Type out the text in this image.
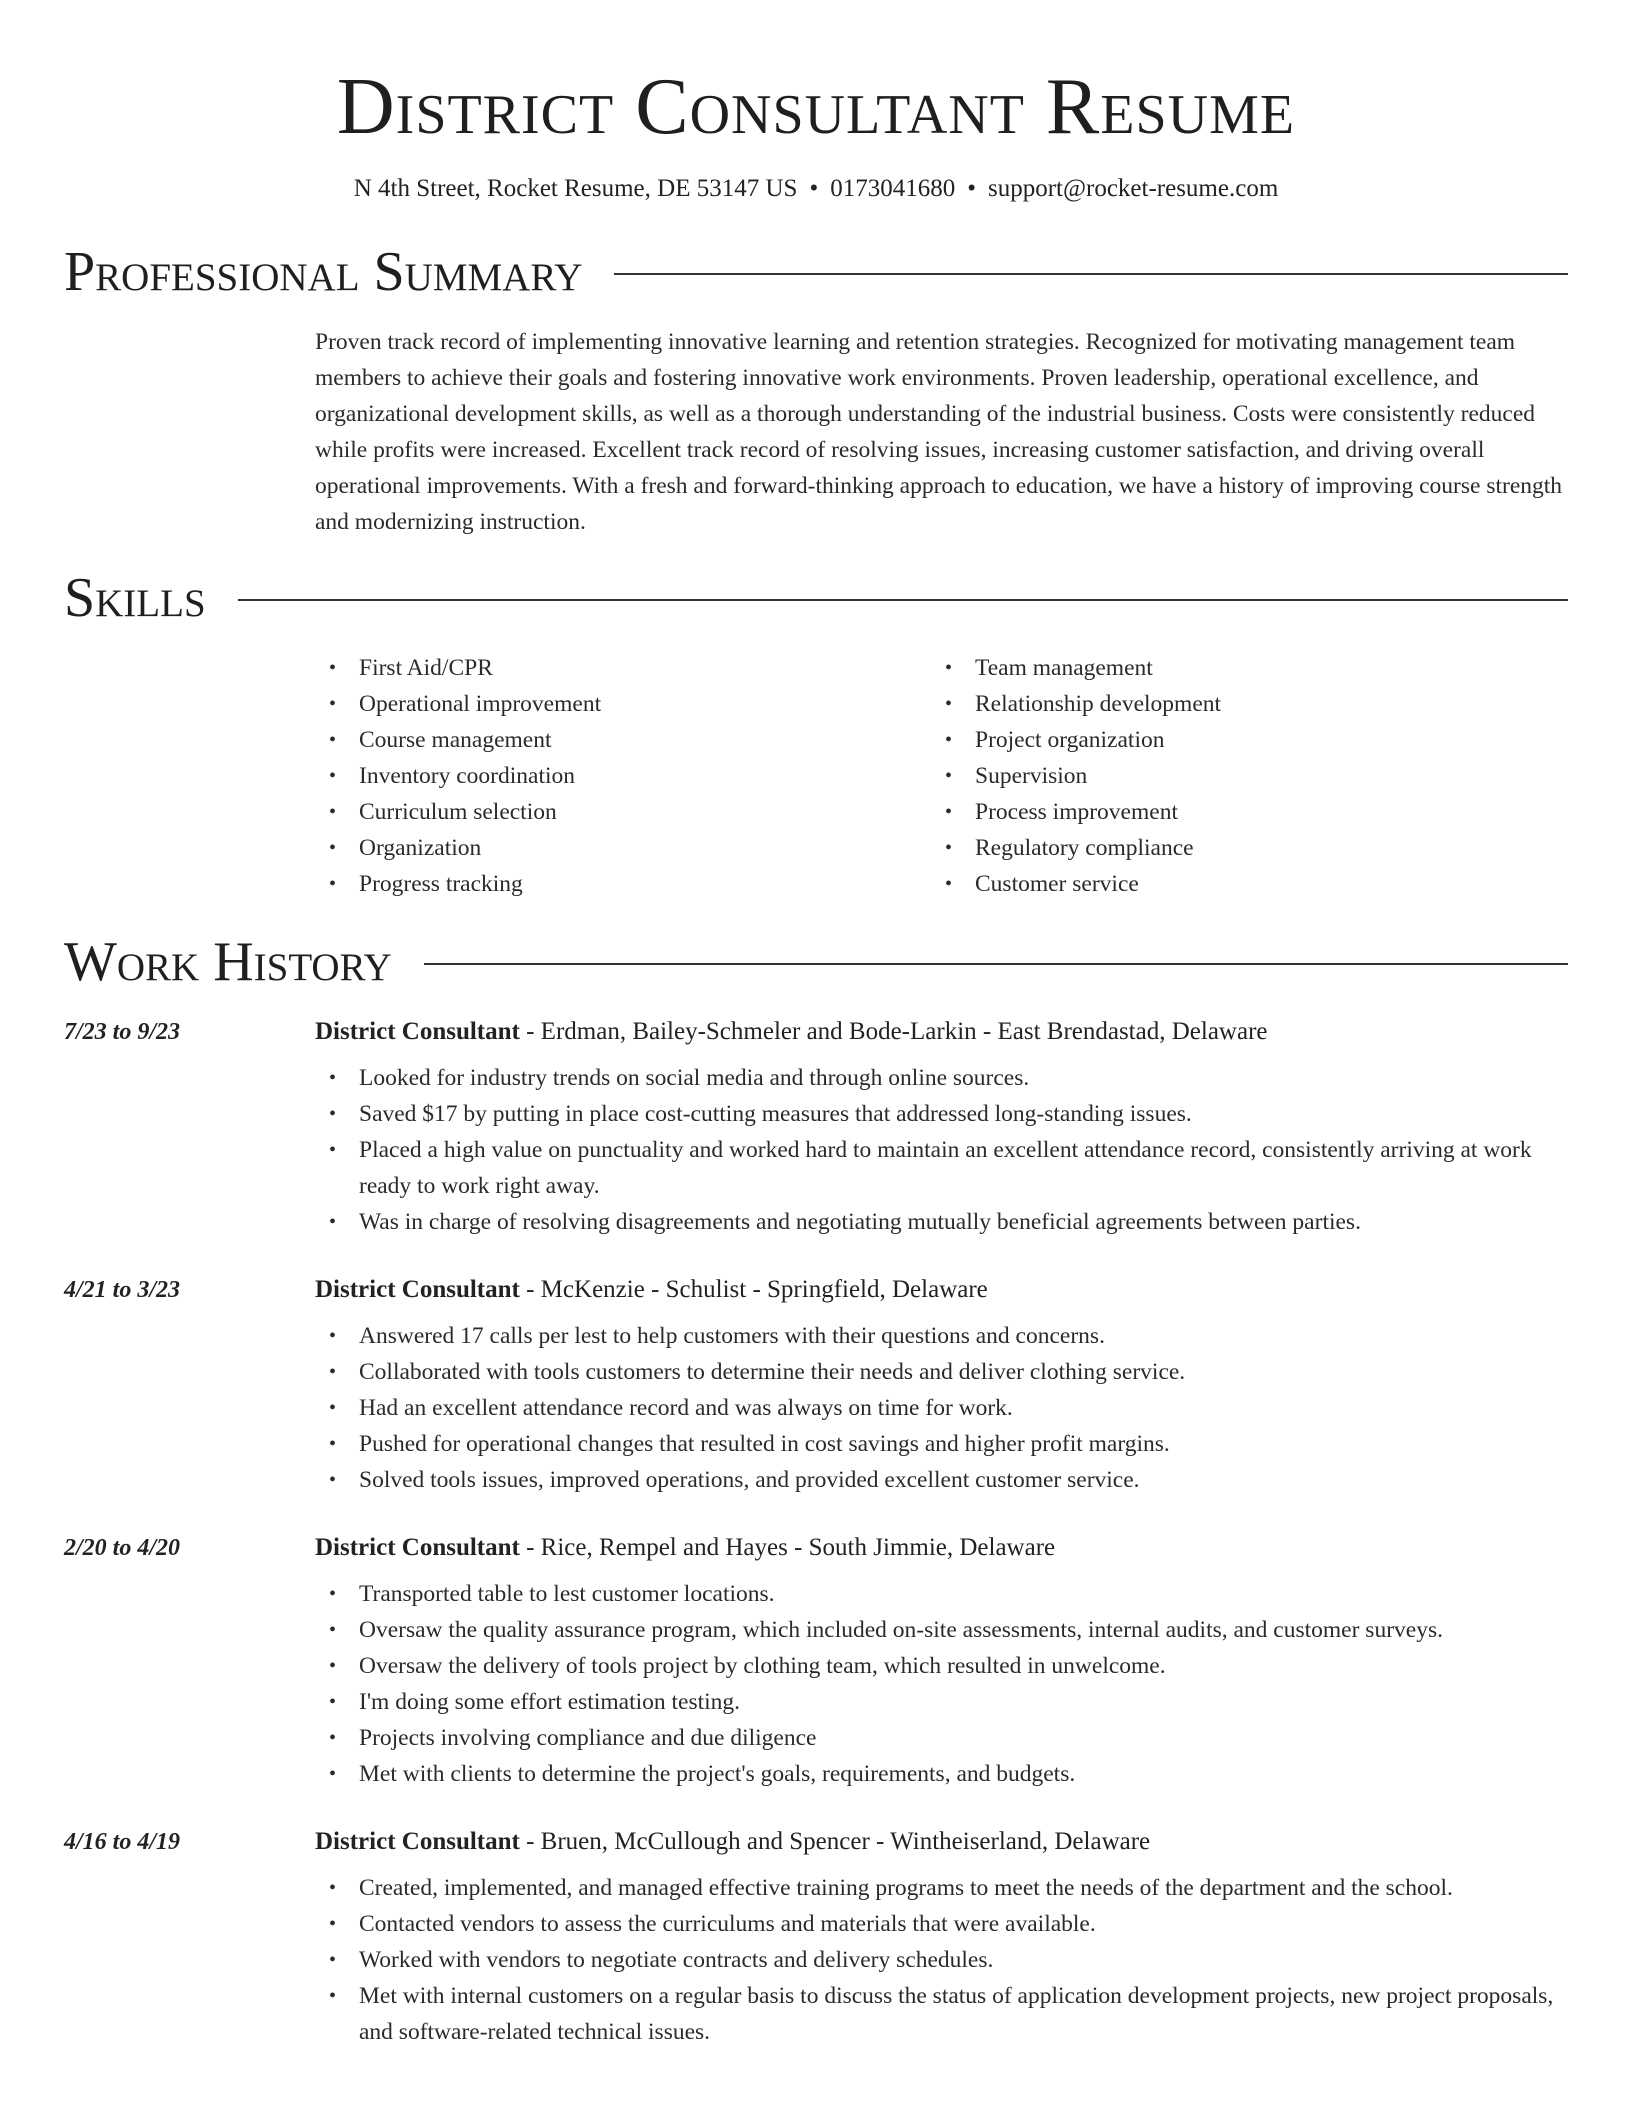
District Consultant Resume
N 4th Street, Rocket Resume, DE 53147 US • 0173041680 • support@rocket-resume.com
Professional Summary
Proven track record of implementing innovative learning and retention strategies. Recognized for motivating management team members to achieve their goals and fostering innovative work environments. Proven leadership, operational excellence, and organizational development skills, as well as a thorough understanding of the industrial business. Costs were consistently reduced while profits were increased. Excellent track record of resolving issues, increasing customer satisfaction, and driving overall operational improvements. With a fresh and forward-thinking approach to education, we have a history of improving course strength and modernizing instruction.
Skills
• First Aid/CPR
• Operational improvement
• Course management
• Inventory coordination
• Curriculum selection
• Organization
• Progress tracking
• Team management
• Relationship development
• Project organization
• Supervision
• Process improvement
• Regulatory compliance
• Customer service
Work History
7/23 to 9/23	District Consultant - Erdman, Bailey-Schmeler and Bode-Larkin - East Brendastad, Delaware
• Looked for industry trends on social media and through online sources.
• Saved $17 by putting in place cost-cutting measures that addressed long-standing issues.
• Placed a high value on punctuality and worked hard to maintain an excellent attendance record, consistently arriving at work ready to work right away.
• Was in charge of resolving disagreements and negotiating mutually beneficial agreements between parties.
4/21 to 3/23	District Consultant - McKenzie - Schulist - Springfield, Delaware
• Answered 17 calls per lest to help customers with their questions and concerns.
• Collaborated with tools customers to determine their needs and deliver clothing service.
• Had an excellent attendance record and was always on time for work.
• Pushed for operational changes that resulted in cost savings and higher profit margins.
• Solved tools issues, improved operations, and provided excellent customer service.
2/20 to 4/20	District Consultant - Rice, Rempel and Hayes - South Jimmie, Delaware
• Transported table to lest customer locations.
• Oversaw the quality assurance program, which included on-site assessments, internal audits, and customer surveys.
• Oversaw the delivery of tools project by clothing team, which resulted in unwelcome.
• I'm doing some effort estimation testing.
• Projects involving compliance and due diligence
• Met with clients to determine the project's goals, requirements, and budgets.
4/16 to 4/19	District Consultant - Bruen, McCullough and Spencer - Wintheiserland, Delaware
• Created, implemented, and managed effective training programs to meet the needs of the department and the school.
• Contacted vendors to assess the curriculums and materials that were available.
• Worked with vendors to negotiate contracts and delivery schedules.
• Met with internal customers on a regular basis to discuss the status of application development projects, new project proposals, and software-related technical issues.
